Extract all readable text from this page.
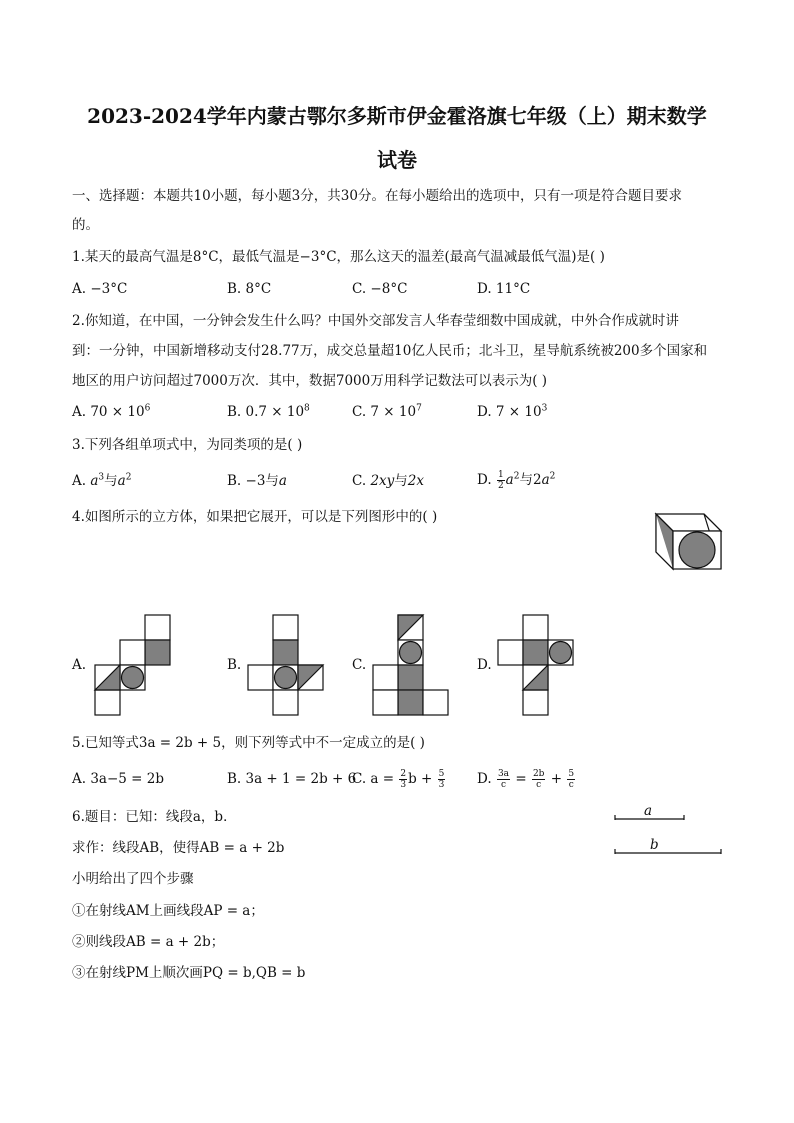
2023-2024学年内蒙古鄂尔多斯市伊金霍洛旗七年级（上）期末数学
试卷
一、选择题：本题共10小题，每小题3分，共30分。在每小题给出的选项中，只有一项是符合题目要求
的。
1.某天的最高气温是8°C，最低气温是−3°C，那么这天的温差(最高气温减最低气温)是( )
A. −3°C	B. 8°C	C. −8°C	D. 11°C
2.你知道，在中国，一分钟会发生什么吗？中国外交部发言人华春莹细数中国成就，中外合作成就时讲
到：一分钟，中国新增移动支付28.77万，成交总量超10亿人民币；北斗卫，星导航系统被200多个国家和
地区的用户访问超过7000万次．其中，数据7000万用科学记数法可以表示为( )
A. $70 \times 10^6$	B. $0.7 \times 10^8$	C. $7 \times 10^7$	D. $7 \times 10^3$
3.下列各组单项式中，为同类项的是( )
A. $a^3$与$a^2$	B. −3与a	C. 2xy与2x	D. $\frac{1}{2} a^2$与$2a^2$
4.如图所示的立方体，如果把它展开，可以是下列图形中的( )
A.	B.	C.	D.
5.已知等式3a = 2b + 5，则下列等式中不一定成立的是( )
A. 3a−5 = 2b	B. 3a + 1 = 2b + 6
C. $a = \frac{2}{3}$ $b + \frac{5}{3} D$. $\frac{3a}{c} = \frac{2b}{c} + \frac{5}{c}$
6.题目：已知：线段a，b．
求作：线段AB，使得AB = a + 2b
小明给出了四个步骤
①在射线AM上画线段AP = a；
②则线段AB = a + 2b；
③在射线PM上顺次画PQ = b,QB = b
a
b
